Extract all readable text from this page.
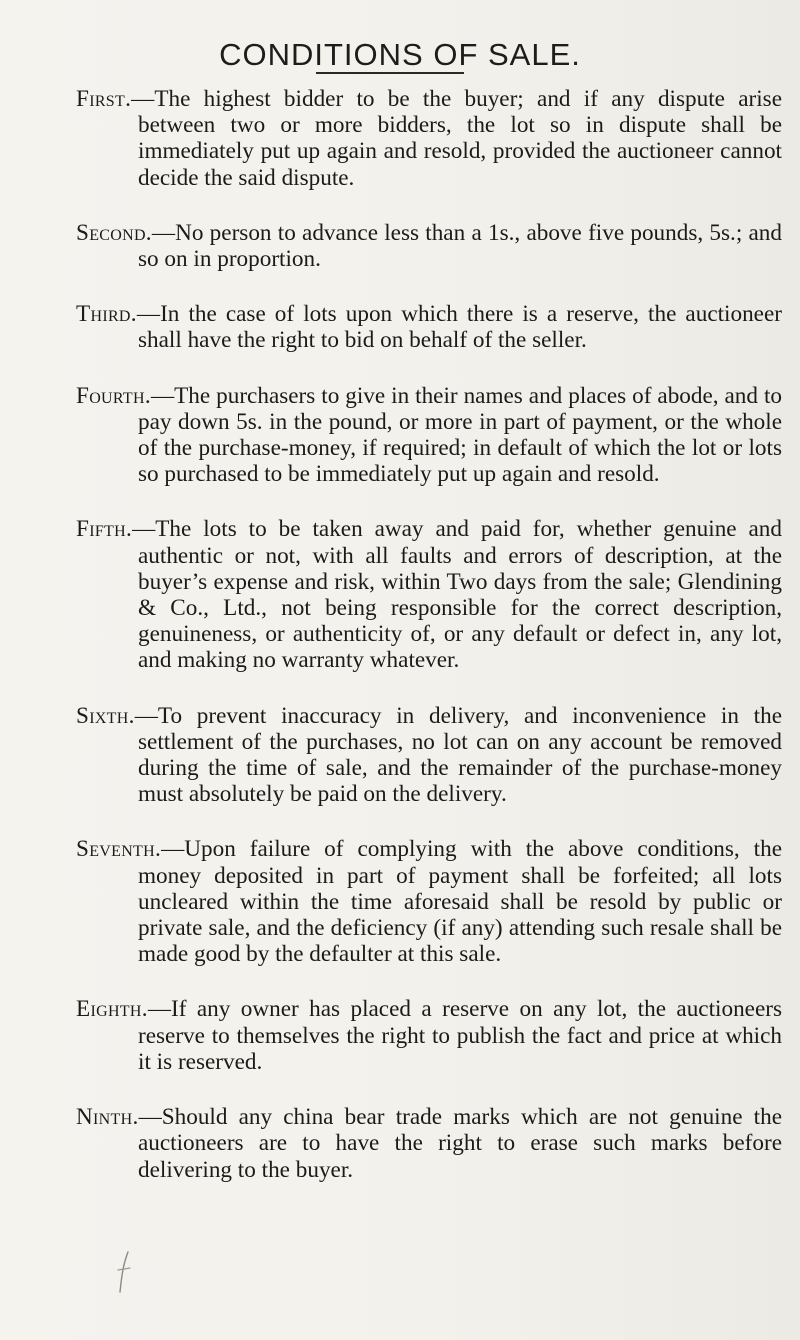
CONDITIONS OF SALE.

First.—The highest bidder to be the buyer; and if any dispute arise between two or more bidders, the lot so in dispute shall be immediately put up again and resold, provided the auctioneer cannot decide the said dispute.

Second.—No person to advance less than a 1s., above five pounds, 5s.; and so on in proportion.

Third.—In the case of lots upon which there is a reserve, the auctioneer shall have the right to bid on behalf of the seller.

Fourth.—The purchasers to give in their names and places of abode, and to pay down 5s. in the pound, or more in part of payment, or the whole of the purchase-money, if required; in default of which the lot or lots so purchased to be immediately put up again and resold.

Fifth.—The lots to be taken away and paid for, whether genuine and authentic or not, with all faults and errors of description, at the buyer’s expense and risk, within Two days from the sale; Glendining & Co., Ltd., not being responsible for the correct description, genuineness, or authenticity of, or any default or defect in, any lot, and making no warranty whatever.

Sixth.—To prevent inaccuracy in delivery, and inconvenience in the settlement of the purchases, no lot can on any account be removed during the time of sale, and the remainder of the purchase-money must absolutely be paid on the delivery.

Seventh.—Upon failure of complying with the above conditions, the money deposited in part of payment shall be forfeited; all lots uncleared within the time aforesaid shall be resold by public or private sale, and the deficiency (if any) attending such resale shall be made good by the defaulter at this sale.

Eighth.—If any owner has placed a reserve on any lot, the auctioneers reserve to themselves the right to publish the fact and price at which it is reserved.

Ninth.—Should any china bear trade marks which are not genuine the auctioneers are to have the right to erase such marks before delivering to the buyer.
